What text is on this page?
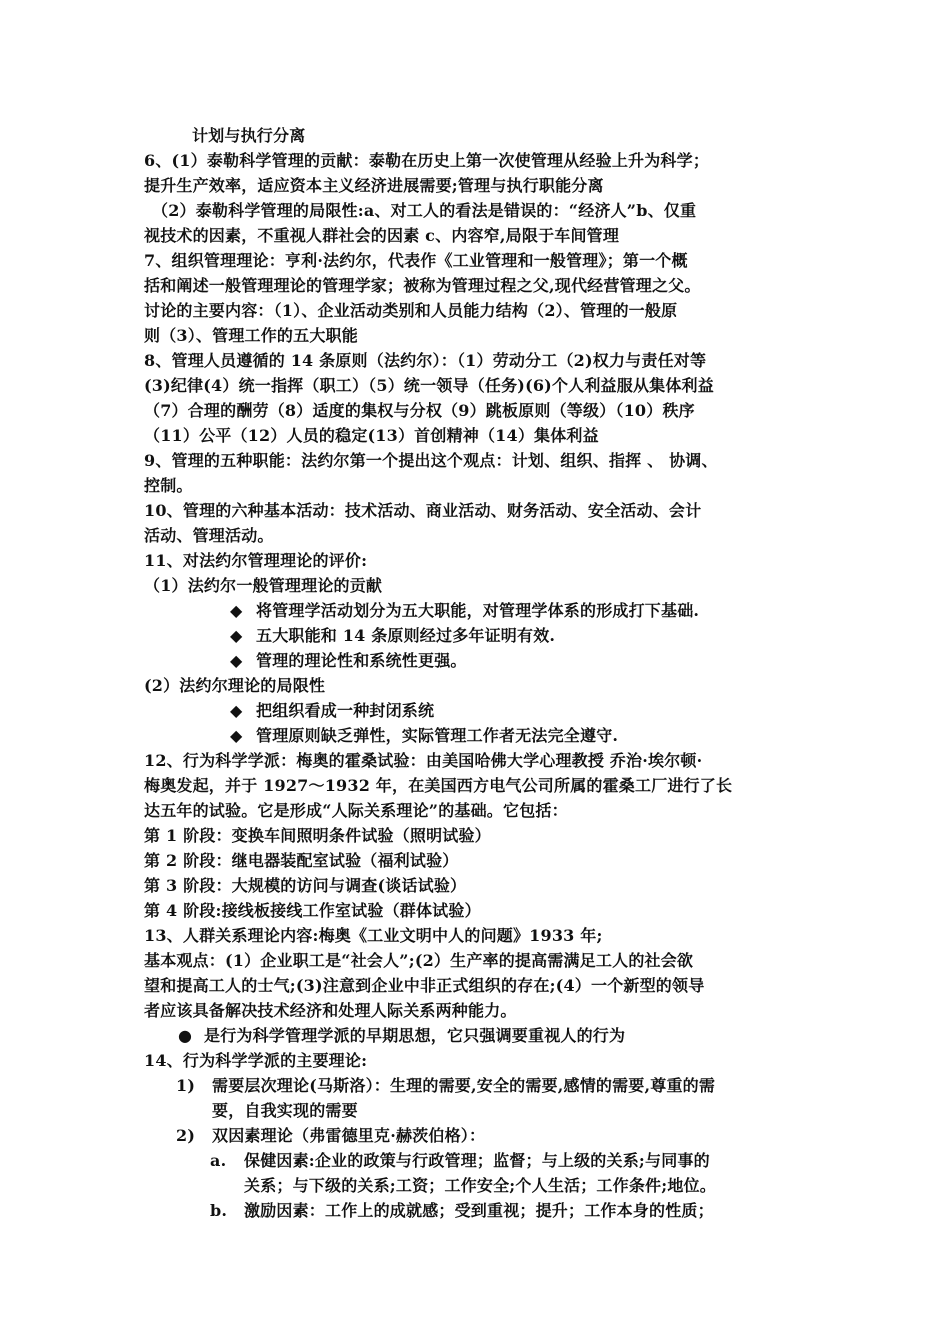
计划与执行分离
6、(1）泰勒科学管理的贡献：泰勒在历史上第一次使管理从经验上升为科学；
提升生产效率，适应资本主义经济进展需要;管理与执行职能分离
（2）泰勒科学管理的局限性:a、对工人的看法是错误的：“经济人”b、仅重
视技术的因素，不重视人群社会的因素 c、内容窄,局限于车间管理
7、组织管理理论：亨利·法约尔，代表作《工业管理和一般管理》；第一个概
括和阐述一般管理理论的管理学家；被称为管理过程之父,现代经营管理之父。
讨论的主要内容：（1）、企业活动类别和人员能力结构（2）、管理的一般原
则（3）、管理工作的五大职能
8、管理人员遵循的 14 条原则（法约尔）：（1）劳动分工（2)权力与责任对等
(3)纪律(4）统一指挥（职工）（5）统一领导（任务)(6)个人利益服从集体利益
（7）合理的酬劳（8）适度的集权与分权（9）跳板原则（等级）（10）秩序
（11）公平（12）人员的稳定(13）首创精神（14）集体利益
9、管理的五种职能：法约尔第一个提出这个观点：计划、组织、指挥 、 协调、
控制。
10、管理的六种基本活动：技术活动、商业活动、财务活动、安全活动、会计
活动、管理活动。
11、对法约尔管理理论的评价:
（1）法约尔一般管理理论的贡献
◆ 将管理学活动划分为五大职能，对管理学体系的形成打下基础.
◆ 五大职能和 14 条原则经过多年证明有效.
◆ 管理的理论性和系统性更强。
(2）法约尔理论的局限性
◆ 把组织看成一种封闭系统
◆ 管理原则缺乏弹性，实际管理工作者无法完全遵守.
12、行为科学学派：梅奥的霍桑试验：由美国哈佛大学心理教授 乔治·埃尔顿·
梅奥发起，并于 1927～1932 年，在美国西方电气公司所属的霍桑工厂进行了长
达五年的试验。它是形成“人际关系理论”的基础。它包括：
第 1 阶段：变换车间照明条件试验（照明试验）
第 2 阶段：继电器装配室试验（福利试验）
第 3 阶段：大规模的访问与调查(谈话试验）
第 4 阶段:接线板接线工作室试验（群体试验）
13、人群关系理论内容:梅奥《工业文明中人的问题》1933 年;
基本观点：(1）企业职工是“社会人”;(2）生产率的提高需满足工人的社会欲
望和提高工人的士气;(3)注意到企业中非正式组织的存在;(4）一个新型的领导
者应该具备解决技术经济和处理人际关系两种能力。
● 是行为科学管理学派的早期思想，它只强调要重视人的行为
14、行为科学学派的主要理论:
1) 需要层次理论(马斯洛）：生理的需要,安全的需要,感情的需要,尊重的需
要，自我实现的需要
2) 双因素理论（弗雷德里克·赫茨伯格）：
a. 保健因素:企业的政策与行政管理；监督；与上级的关系;与同事的
关系；与下级的关系;工资；工作安全;个人生活；工作条件;地位。
b. 激励因素：工作上的成就感；受到重视；提升；工作本身的性质；
